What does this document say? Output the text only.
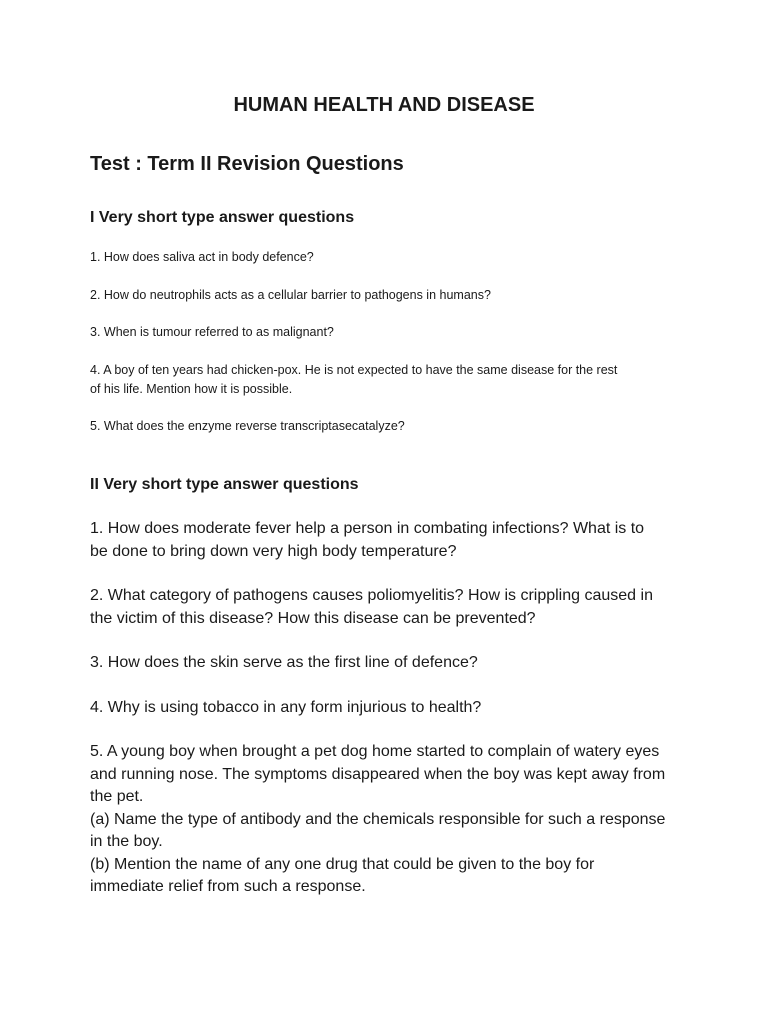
HUMAN HEALTH AND DISEASE
Test : Term II Revision Questions
I Very short type answer questions

1. How does saliva act in body defence?

2. How do neutrophils acts as a cellular barrier to pathogens in humans?

3. When is tumour referred to as malignant?

4. A boy of ten years had chicken-pox. He is not expected to have the same disease for the rest
of his life. Mention how it is possible.

5. What does the enzyme reverse transcriptasecatalyze?

II Very short type answer questions

1. How does moderate fever help a person in combating infections? What is to
be done to bring down very high body temperature?

2. What category of pathogens causes poliomyelitis? How is crippling caused in
the victim of this disease? How this disease can be prevented?

3. How does the skin serve as the first line of defence?

4. Why is using tobacco in any form injurious to health?

5. A young boy when brought a pet dog home started to complain of watery eyes
and running nose. The symptoms disappeared when the boy was kept away from
the pet.
(a) Name the type of antibody and the chemicals responsible for such a response
in the boy.
(b) Mention the name of any one drug that could be given to the boy for
immediate relief from such a response.
